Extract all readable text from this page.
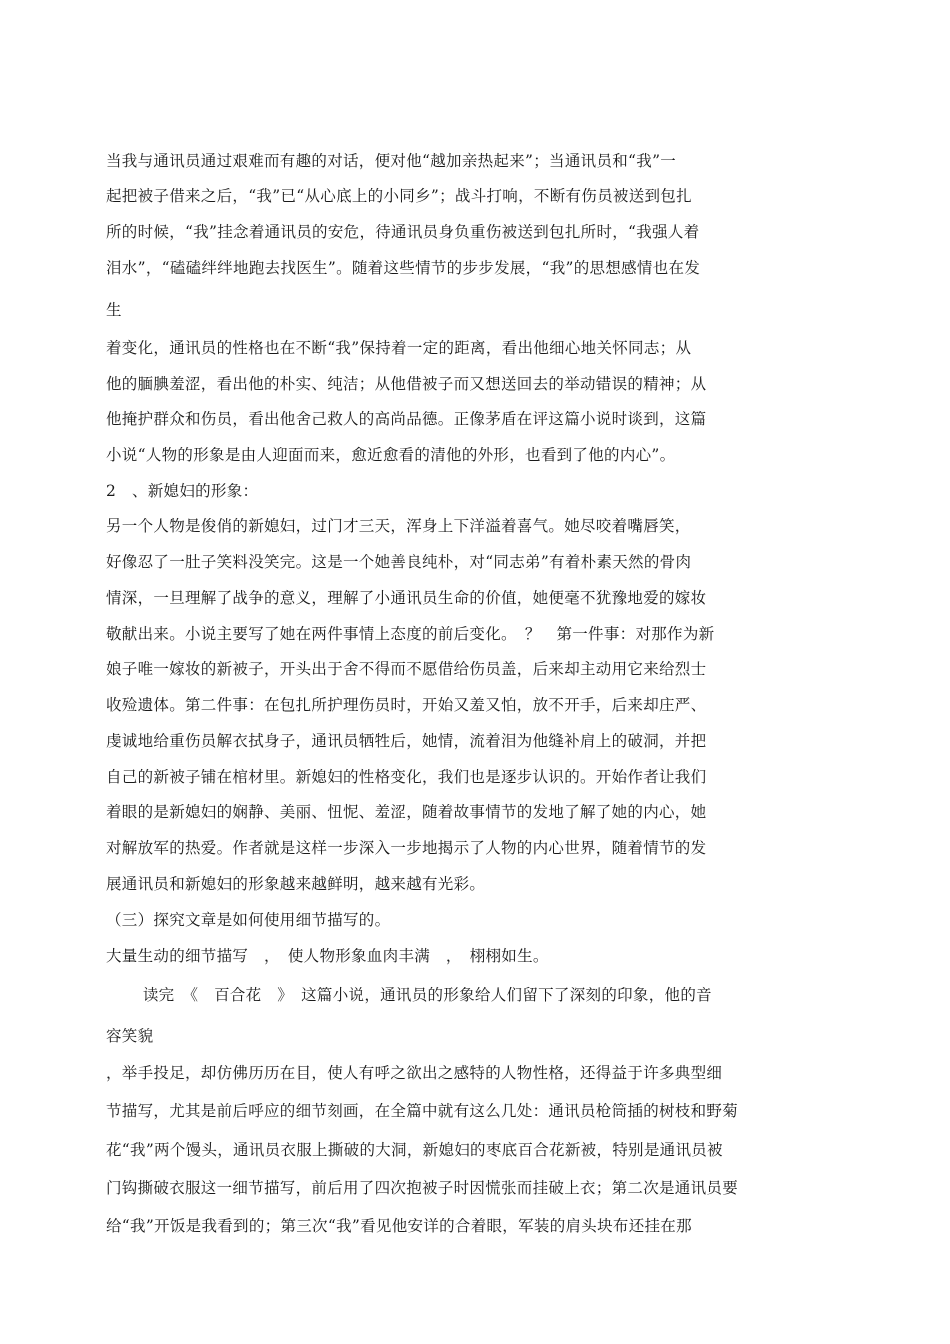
当我与通讯员通过艰难而有趣的对话，便对他“越加亲热起来”；当通讯员和“我”一
起把被子借来之后，“我”已“从心底上的小同乡”；战斗打响，不断有伤员被送到包扎
所的时候，“我”挂念着通讯员的安危，待通讯员身负重伤被送到包扎所时，“我强人着
泪水”，“磕磕绊绊地跑去找医生”。随着这些情节的步步发展，“我”的思想感情也在发
生
着变化，通讯员的性格也在不断“我”保持着一定的距离，看出他细心地关怀同志；从
他的腼腆羞涩，看出他的朴实、纯洁；从他借被子而又想送回去的举动错误的精神；从
他掩护群众和伤员，看出他舍己救人的高尚品德。正像茅盾在评这篇小说时谈到，这篇
小说“人物的形象是由人迎面而来，愈近愈看的清他的外形，也看到了他的内心”。
2　、新媳妇的形象：
另一个人物是俊俏的新媳妇，过门才三天，浑身上下洋溢着喜气。她尽咬着嘴唇笑，
好像忍了一肚子笑料没笑完。这是一个她善良纯朴，对“同志弟”有着朴素天然的骨肉
情深，一旦理解了战争的意义，理解了小通讯员生命的价值，她便毫不犹豫地爱的嫁妆
敬献出来。小说主要写了她在两件事情上态度的前后变化。　？　第一件事：对那作为新
娘子唯一嫁妆的新被子，开头出于舍不得而不愿借给伤员盖，后来却主动用它来给烈士
收殓遗体。第二件事：在包扎所护理伤员时，开始又羞又怕，放不开手，后来却庄严、
虔诚地给重伤员解衣拭身子，通讯员牺牲后，她情，流着泪为他缝补肩上的破洞，并把
自己的新被子铺在棺材里。新媳妇的性格变化，我们也是逐步认识的。开始作者让我们
着眼的是新媳妇的娴静、美丽、忸怩、羞涩，随着故事情节的发地了解了她的内心，她
对解放军的热爱。作者就是这样一步深入一步地揭示了人物的内心世界，随着情节的发
展通讯员和新媳妇的形象越来越鲜明，越来越有光彩。
（三）探究文章是如何使用细节描写的。
大量生动的细节描写　，　使人物形象血肉丰满　，　栩栩如生。
　　 读完　《　百合花　》　这篇小说，通讯员的形象给人们留下了深刻的印象，他的音
容笑貌
，举手投足，却仿佛历历在目，使人有呼之欲出之感特的人物性格，还得益于许多典型细
节描写，尤其是前后呼应的细节刻画，在全篇中就有这么几处：通讯员枪筒插的树枝和野菊
花“我”两个馒头，通讯员衣服上撕破的大洞，新媳妇的枣底百合花新被，特别是通讯员被
门钩撕破衣服这一细节描写，前后用了四次抱被子时因慌张而挂破上衣；第二次是通讯员要
给“我”开饭是我看到的；第三次“我”看见他安详的合着眼，军装的肩头块布还挂在那
